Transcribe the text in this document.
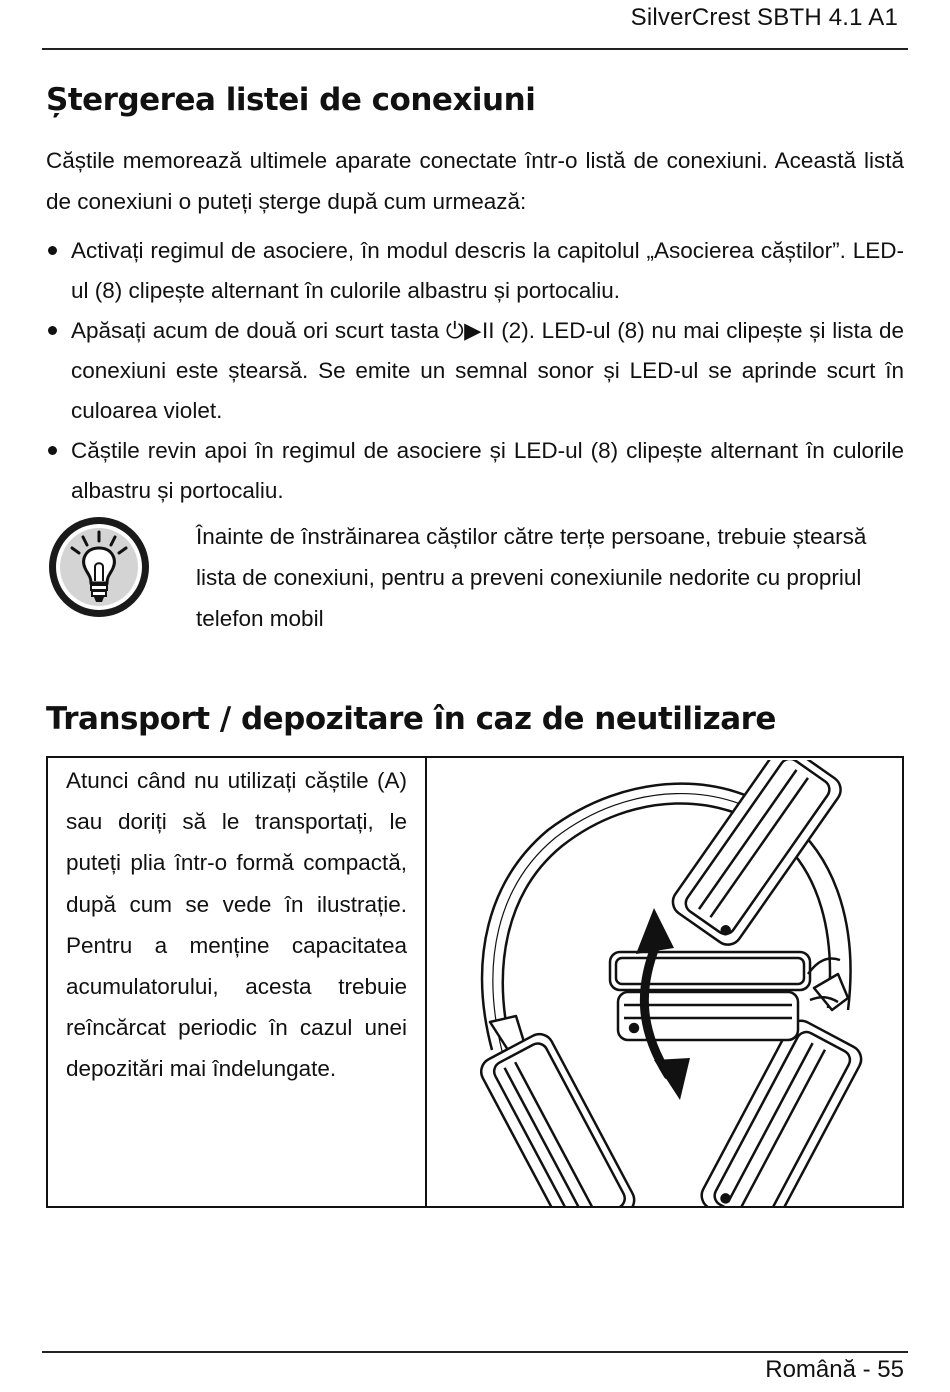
SilverCrest SBTH 4.1 A1
Ștergerea listei de conexiuni

Căștile memorează ultimele aparate conectate într-o listă de conexiuni. Această listă de conexiuni o puteți șterge după cum urmează:

Activați regimul de asociere, în modul descris la capitolul „Asocierea căștilor”. LED-ul (8) clipește alternant în culorile albastru și portocaliu.
Apăsați acum de două ori scurt tasta ⏻▶II (2). LED-ul (8) nu mai clipește și lista de conexiuni este ștearsă. Se emite un semnal sonor și LED-ul se aprinde scurt în culoarea violet.
Căștile revin apoi în regimul de asociere și LED-ul (8) clipește alternant în culorile albastru și portocaliu.

Înainte de înstrăinarea căștilor către terțe persoane, trebuie ștearsă lista de conexiuni, pentru a preveni conexiunile nedorite cu propriul telefon mobil

Transport / depozitare în caz de neutilizare

Atunci când nu utilizați căștile (A) sau doriți să le transportați, le puteți plia într-o formă compactă, după cum se vede în ilustrație. Pentru a menține capacitatea acumulatorului, acesta trebuie reîncărcat periodic în cazul unei depozitări mai îndelungate.

Română - 55
